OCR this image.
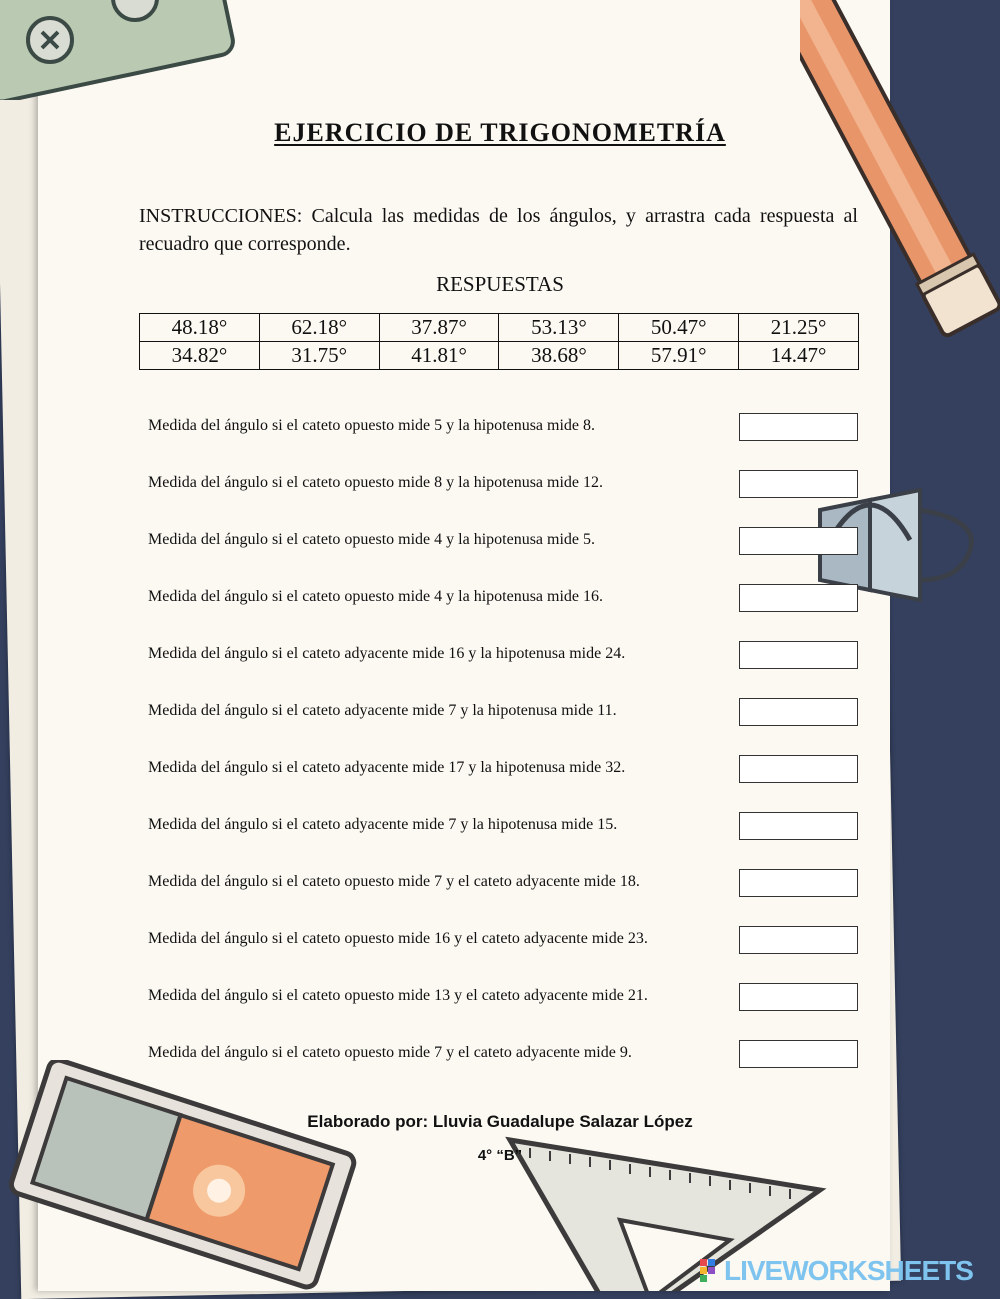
EJERCICIO DE TRIGONOMETRÍA
INSTRUCCIONES: Calcula las medidas de los ángulos, y arrastra cada respuesta al recuadro que corresponde.
RESPUESTAS
48.18°	62.18°	37.87°	53.13°	50.47°	21.25°
34.82°	31.75°	41.81°	38.68°	57.91°	14.47°
Medida del ángulo si el cateto opuesto mide 5 y la hipotenusa mide 8.
Medida del ángulo si el cateto opuesto mide 8 y la hipotenusa mide 12.
Medida del ángulo si el cateto opuesto mide 4 y la hipotenusa mide 5.
Medida del ángulo si el cateto opuesto mide 4 y la hipotenusa mide 16.
Medida del ángulo si el cateto adyacente mide 16 y la hipotenusa mide 24.
Medida del ángulo si el cateto adyacente mide 7 y la hipotenusa mide 11.
Medida del ángulo si el cateto adyacente mide 17 y la hipotenusa mide 32.
Medida del ángulo si el cateto adyacente mide 7 y la hipotenusa mide 15.
Medida del ángulo si el cateto opuesto mide 7 y el cateto adyacente mide 18.
Medida del ángulo si el cateto opuesto mide 16 y el cateto adyacente mide 23.
Medida del ángulo si el cateto opuesto mide 13 y el cateto adyacente mide 21.
Medida del ángulo si el cateto opuesto mide 7 y el cateto adyacente mide 9.
Elaborado por: Lluvia Guadalupe Salazar López
4° “B”
LIVEWORKSHEETS
